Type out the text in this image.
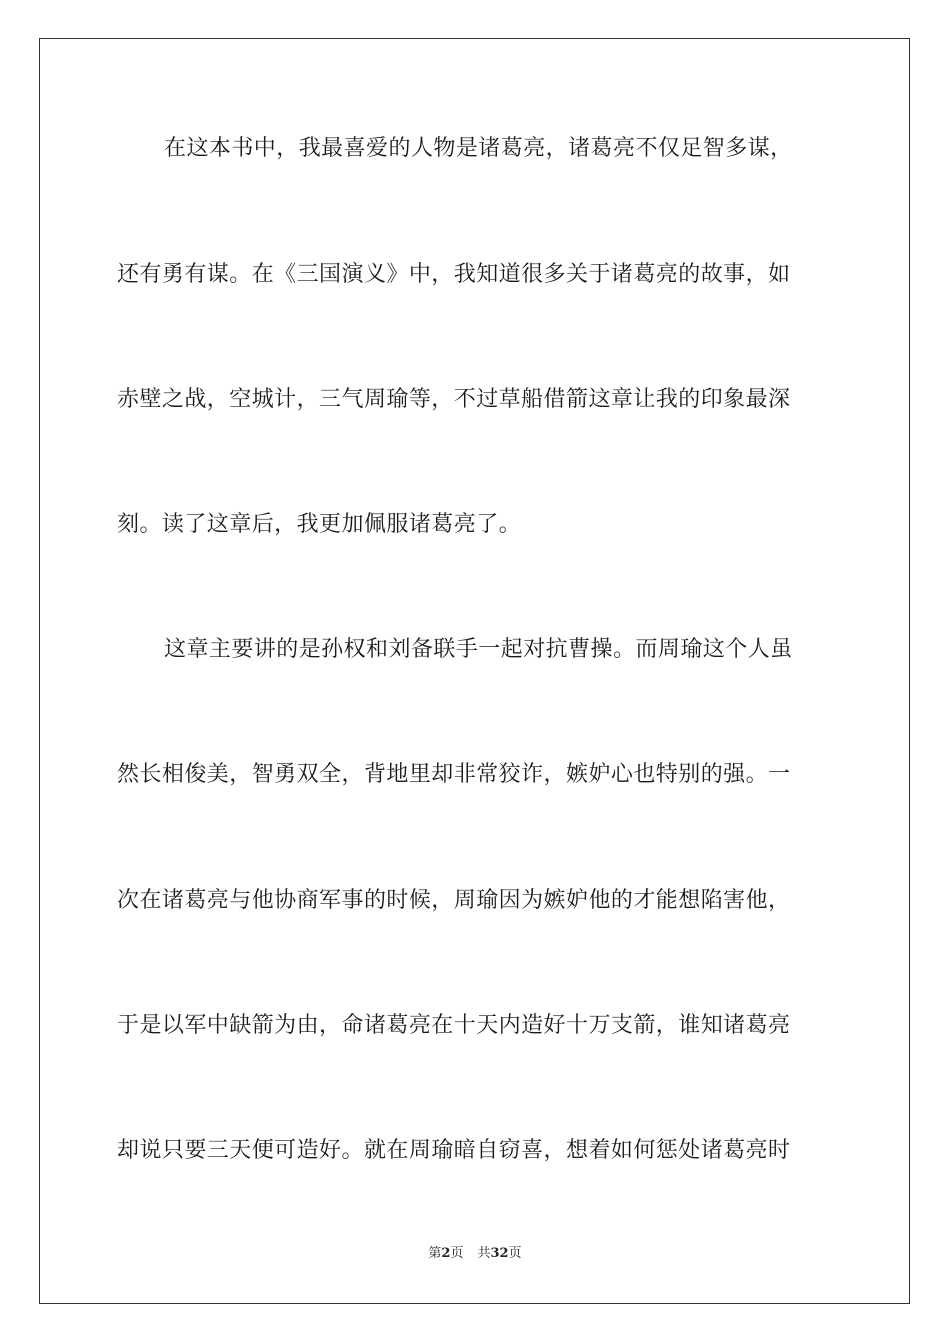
在这本书中，我最喜爱的人物是诸葛亮，诸葛亮不仅足智多谋，
还有勇有谋。在《三国演义》中，我知道很多关于诸葛亮的故事，如
赤壁之战，空城计，三气周瑜等，不过草船借箭这章让我的印象最深
刻。读了这章后，我更加佩服诸葛亮了。
这章主要讲的是孙权和刘备联手一起对抗曹操。而周瑜这个人虽
然长相俊美，智勇双全，背地里却非常狡诈，嫉妒心也特别的强。一
次在诸葛亮与他协商军事的时候，周瑜因为嫉妒他的才能想陷害他，
于是以军中缺箭为由，命诸葛亮在十天内造好十万支箭，谁知诸葛亮
却说只要三天便可造好。就在周瑜暗自窃喜，想着如何惩处诸葛亮时
第2页 共32页
